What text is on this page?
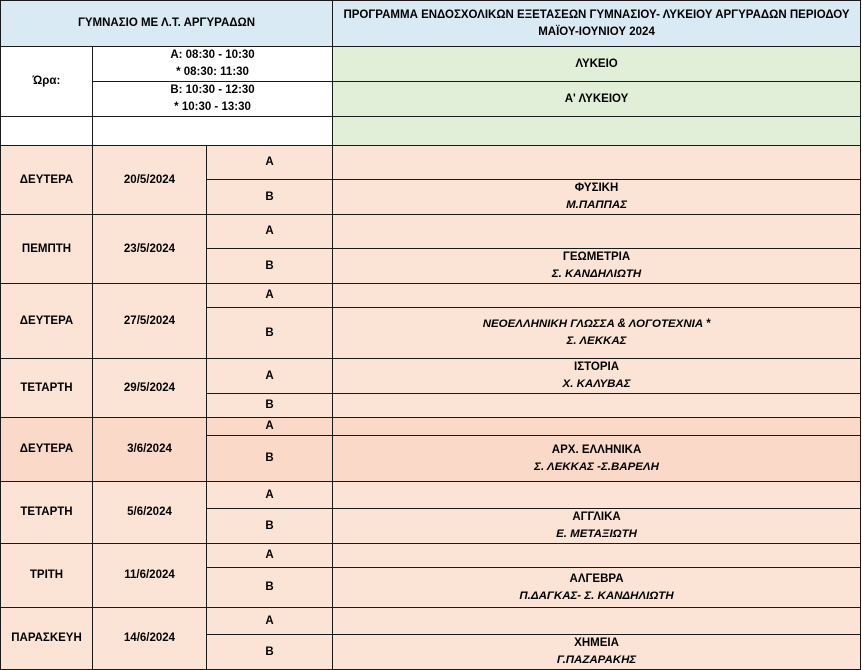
ΓΥΜΝΑΣΙΟ ΜΕ Λ.Τ. ΑΡΓΥΡΑΔΩΝ			ΠΡΟΓΡΑΜΜΑ ΕΝΔΟΣΧΟΛΙΚΩΝ ΕΞΕΤΑΣΕΩΝ ΓΥΜΝΑΣΙΟΥ- ΛΥΚΕΙΟΥ ΑΡΓΥΡΑΔΩΝ ΠΕΡΙΟΔΟΥ
ΜΑΪΟΥ-ΙΟΥΝΙΟΥ 2024

Ώρα:	Α: 08:30 - 10:30
* 08:30: 11:30		ΛΥΚΕΙΟ

	Β: 10:30 - 12:30
* 10:30 - 13:30		Α' ΛΥΚΕΙΟΥ

ΔΕΥΤΕΡΑ	20/5/2024	Α	
		Β	ΦΥΣΙΚΗ
Μ.ΠΑΠΠΑΣ

ΠΕΜΠΤΗ	23/5/2024	Α	
		Β	ΓΕΩΜΕΤΡΙΑ
Σ. ΚΑΝΔΗΛΙΩΤΗ

ΔΕΥΤΕΡΑ	27/5/2024	Α	
		Β	ΝΕΟΕΛΛΗΝΙΚΗ ΓΛΩΣΣΑ & ΛΟΓΟΤΕΧΝΙΑ *
Σ. ΛΕΚΚΑΣ

ΤΕΤΑΡΤΗ	29/5/2024	Α	ΙΣΤΟΡΙΑ
Χ. ΚΑΛΥΒΑΣ

		Β	
ΔΕΥΤΕΡΑ	3/6/2024	Α	
		Β	ΑΡΧ. ΕΛΛΗΝΙΚΑ
Σ. ΛΕΚΚΑΣ -Σ.ΒΑΡΕΛΗ

ΤΕΤΑΡΤΗ	5/6/2024	Α	
		Β	ΑΓΓΛΙΚΑ
Ε. ΜΕΤΑΞΙΩΤΗ

ΤΡΙΤΗ	11/6/2024	Α	
		Β	ΑΛΓΕΒΡΑ
Π.ΔΑΓΚΑΣ- Σ. ΚΑΝΔΗΛΙΩΤΗ

ΠΑΡΑΣΚΕΥΗ	14/6/2024	Α	
		Β	ΧΗΜΕΙΑ
Γ.ΠΑΖΑΡΑΚΗΣ
